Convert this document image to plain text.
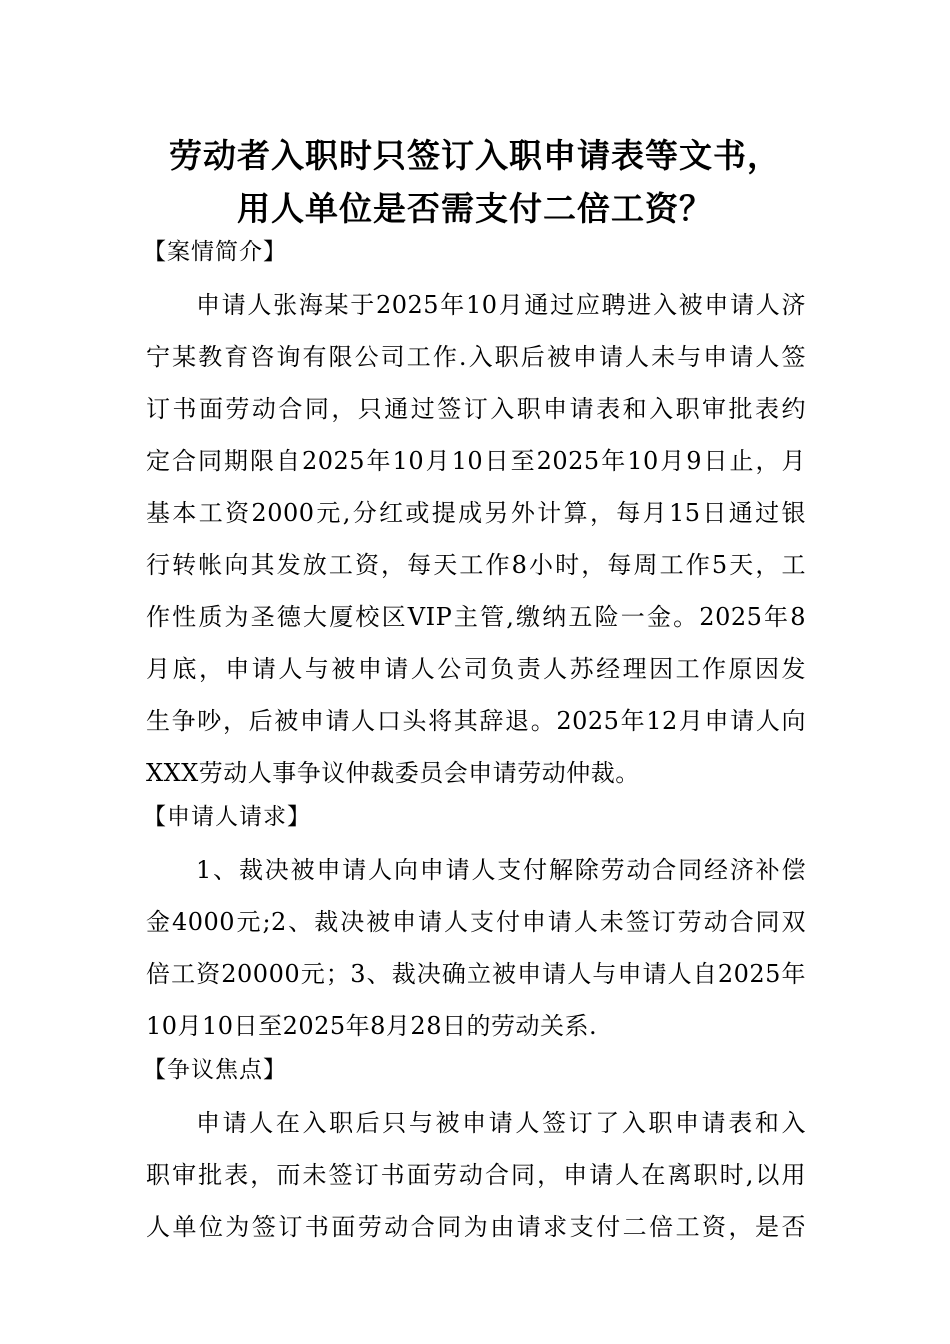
劳动者入职时只签订入职申请表等文书，
用人单位是否需支付二倍工资？
【案情简介】
申请人张海某于2025年10月通过应聘进入被申请人济
宁某教育咨询有限公司工作.入职后被申请人未与申请人签
订书面劳动合同，只通过签订入职申请表和入职审批表约
定合同期限自2025年10月10日至2025年10月9日止，月
基本工资2000元,分红或提成另外计算，每月15日通过银
行转帐向其发放工资，每天工作8小时，每周工作5天，工
作性质为圣德大厦校区VIP主管,缴纳五险一金。2025年8
月底，申请人与被申请人公司负责人苏经理因工作原因发
生争吵，后被申请人口头将其辞退。2025年12月申请人向
XXX劳动人事争议仲裁委员会申请劳动仲裁。
【申请人请求】
1、裁决被申请人向申请人支付解除劳动合同经济补偿
金4000元;2、裁决被申请人支付申请人未签订劳动合同双
倍工资20000元；3、裁决确立被申请人与申请人自2025年
10月10日至2025年8月28日的劳动关系.
【争议焦点】
申请人在入职后只与被申请人签订了入职申请表和入
职审批表，而未签订书面劳动合同，申请人在离职时,以用
人单位为签订书面劳动合同为由请求支付二倍工资，是否
